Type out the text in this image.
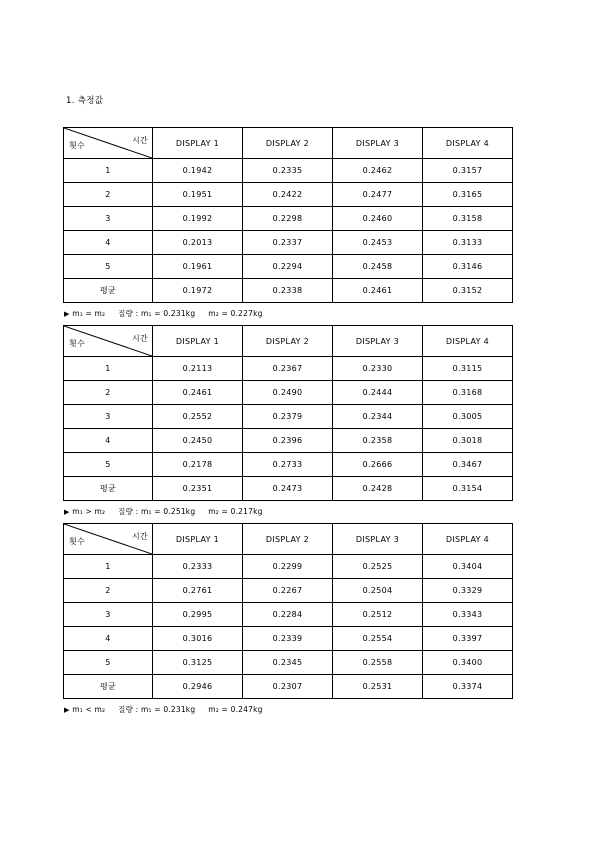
1. 측정값
횟수
시간	DISPLAY 1	DISPLAY 2	DISPLAY 3	DISPLAY 4
1	0.1942	0.2335	0.2462	0.3157
2	0.1951	0.2422	0.2477	0.3165
3	0.1992	0.2298	0.2460	0.3158
4	0.2013	0.2337	0.2453	0.3133
5	0.1961	0.2294	0.2458	0.3146
평균	0.1972	0.2338	0.2461	0.3152
▶ m₁ = m₂     질량 : m₁ = 0.231kg     m₂ = 0.227kg
횟수
시간	DISPLAY 1	DISPLAY 2	DISPLAY 3	DISPLAY 4
1	0.2113	0.2367	0.2330	0.3115
2	0.2461	0.2490	0.2444	0.3168
3	0.2552	0.2379	0.2344	0.3005
4	0.2450	0.2396	0.2358	0.3018
5	0.2178	0.2733	0.2666	0.3467
평균	0.2351	0.2473	0.2428	0.3154
▶ m₁ > m₂     질량 : m₁ = 0.251kg     m₂ = 0.217kg
횟수
시간	DISPLAY 1	DISPLAY 2	DISPLAY 3	DISPLAY 4
1	0.2333	0.2299	0.2525	0.3404
2	0.2761	0.2267	0.2504	0.3329
3	0.2995	0.2284	0.2512	0.3343
4	0.3016	0.2339	0.2554	0.3397
5	0.3125	0.2345	0.2558	0.3400
평균	0.2946	0.2307	0.2531	0.3374
▶ m₁ < m₂     질량 : m₁ = 0.231kg     m₂ = 0.247kg
